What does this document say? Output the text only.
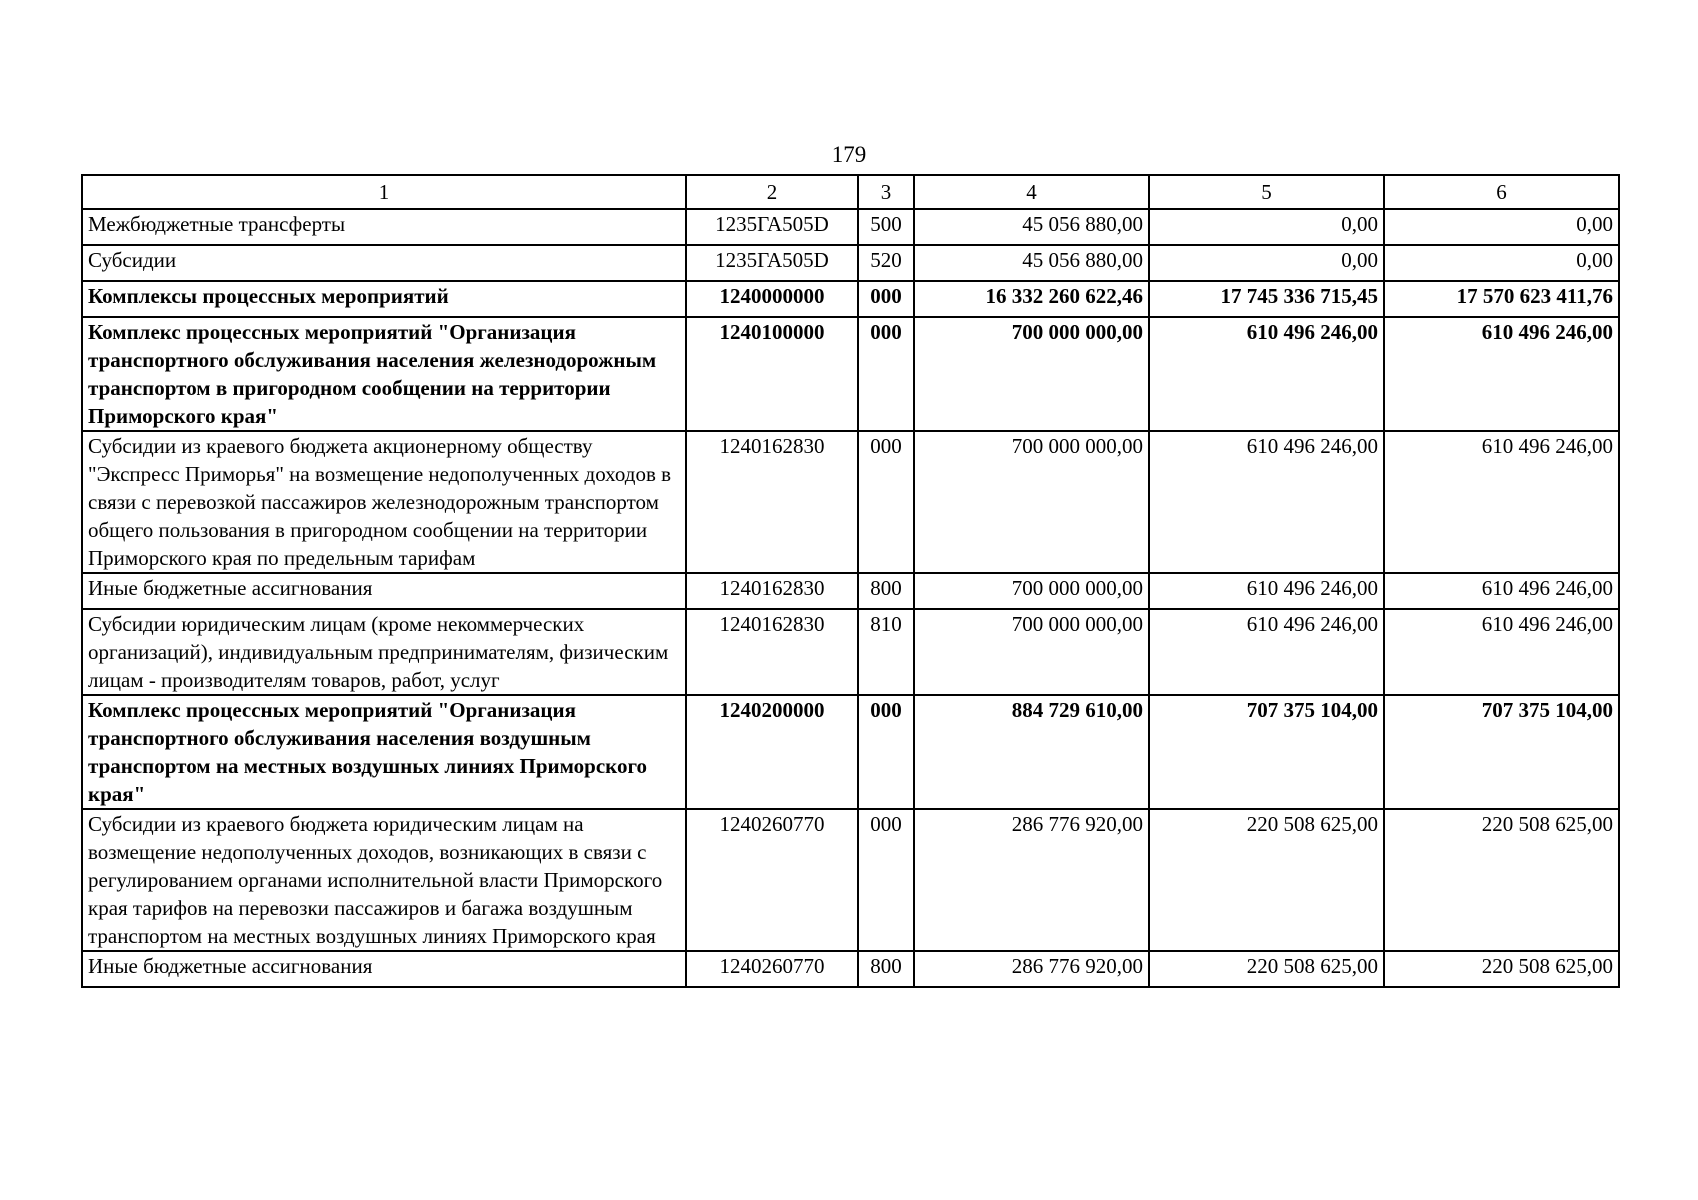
179
1	2	3	4	5	6
Межбюджетные трансферты	1235ГА505D	500	45 056 880,00	0,00	0,00
Субсидии	1235ГА505D	520	45 056 880,00	0,00	0,00
Комплексы процессных мероприятий	1240000000	000	16 332 260 622,46	17 745 336 715,45	17 570 623 411,76
Комплекс процессных мероприятий "Организация транспортного обслуживания населения железнодорожным транспортом в пригородном сообщении на территории Приморского края"	1240100000	000	700 000 000,00	610 496 246,00	610 496 246,00
Субсидии из краевого бюджета акционерному обществу "Экспресс Приморья" на возмещение недополученных доходов в связи с перевозкой пассажиров железнодорожным транспортом общего пользования в пригородном сообщении на территории Приморского края по предельным тарифам	1240162830	000	700 000 000,00	610 496 246,00	610 496 246,00
Иные бюджетные ассигнования	1240162830	800	700 000 000,00	610 496 246,00	610 496 246,00
Субсидии юридическим лицам (кроме некоммерческих организаций), индивидуальным предпринимателям, физическим лицам - производителям товаров, работ, услуг	1240162830	810	700 000 000,00	610 496 246,00	610 496 246,00
Комплекс процессных мероприятий "Организация транспортного обслуживания населения воздушным транспортом на местных воздушных линиях Приморского края"	1240200000	000	884 729 610,00	707 375 104,00	707 375 104,00
Субсидии из краевого бюджета юридическим лицам на возмещение недополученных доходов, возникающих в связи с регулированием органами исполнительной власти Приморского края тарифов на перевозки пассажиров и багажа воздушным транспортом на местных воздушных линиях Приморского края	1240260770	000	286 776 920,00	220 508 625,00	220 508 625,00
Иные бюджетные ассигнования	1240260770	800	286 776 920,00	220 508 625,00	220 508 625,00
